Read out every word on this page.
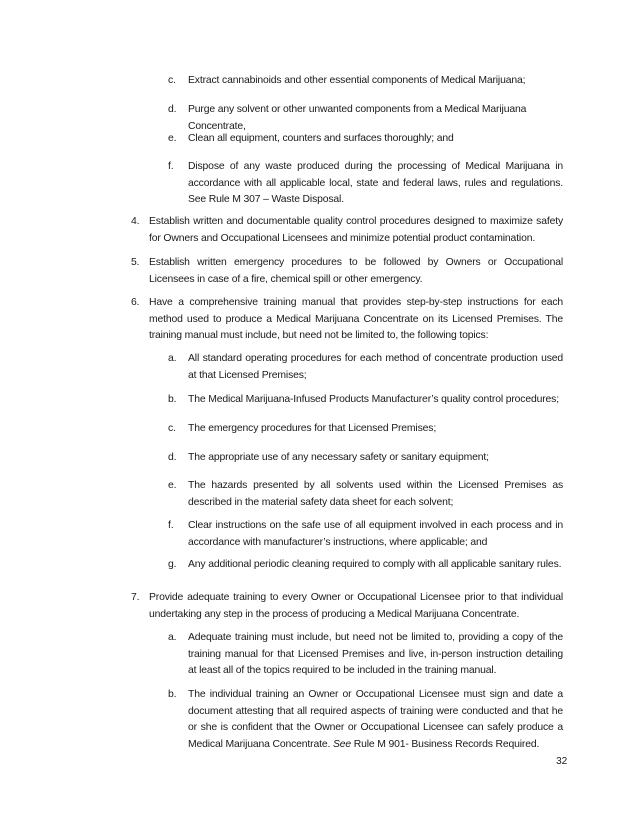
c. Extract cannabinoids and other essential components of Medical Marijuana;
d. Purge any solvent or other unwanted components from a Medical Marijuana Concentrate,
e. Clean all equipment, counters and surfaces thoroughly; and
f. Dispose of any waste produced during the processing of Medical Marijuana in accordance with all applicable local, state and federal laws, rules and regulations. See Rule M 307 – Waste Disposal.
4. Establish written and documentable quality control procedures designed to maximize safety for Owners and Occupational Licensees and minimize potential product contamination.
5. Establish written emergency procedures to be followed by Owners or Occupational Licensees in case of a fire, chemical spill or other emergency.
6. Have a comprehensive training manual that provides step-by-step instructions for each method used to produce a Medical Marijuana Concentrate on its Licensed Premises. The training manual must include, but need not be limited to, the following topics:
a. All standard operating procedures for each method of concentrate production used at that Licensed Premises;
b. The Medical Marijuana-Infused Products Manufacturer’s quality control procedures;
c. The emergency procedures for that Licensed Premises;
d. The appropriate use of any necessary safety or sanitary equipment;
e. The hazards presented by all solvents used within the Licensed Premises as described in the material safety data sheet for each solvent;
f. Clear instructions on the safe use of all equipment involved in each process and in accordance with manufacturer’s instructions, where applicable; and
g. Any additional periodic cleaning required to comply with all applicable sanitary rules.
7. Provide adequate training to every Owner or Occupational Licensee prior to that individual undertaking any step in the process of producing a Medical Marijuana Concentrate.
a. Adequate training must include, but need not be limited to, providing a copy of the training manual for that Licensed Premises and live, in-person instruction detailing at least all of the topics required to be included in the training manual.
b. The individual training an Owner or Occupational Licensee must sign and date a document attesting that all required aspects of training were conducted and that he or she is confident that the Owner or Occupational Licensee can safely produce a Medical Marijuana Concentrate. See Rule M 901- Business Records Required.
32
